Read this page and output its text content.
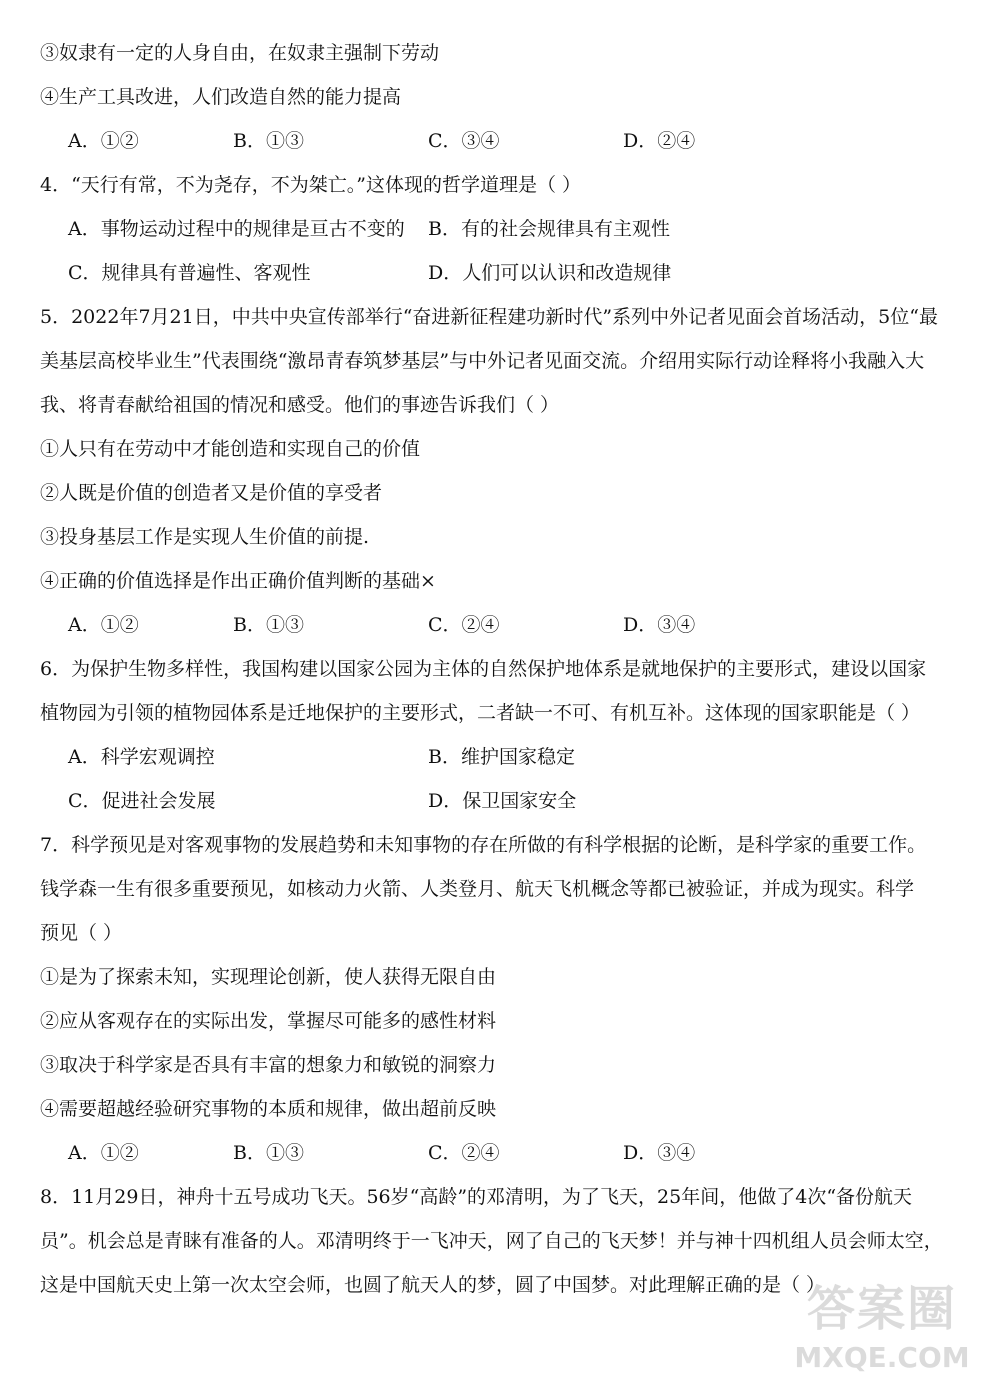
③奴隶有一定的人身自由，在奴隶主强制下劳动
④生产工具改进，人们改造自然的能力提高
A．①②	B．①③	C．③④	D．②④
4．“天行有常，不为尧存，不为桀亡。”这体现的哲学道理是（ ）
A．事物运动过程中的规律是亘古不变的 B．有的社会规律具有主观性
C．规律具有普遍性、客观性	D．人们可以认识和改造规律
5．2022年7月21日，中共中央宣传部举行“奋进新征程建功新时代”系列中外记者见面会首场活动，5位“最
美基层高校毕业生”代表围绕“激昂青春筑梦基层”与中外记者见面交流。介绍用实际行动诠释将小我融入大
我、将青春献给祖国的情况和感受。他们的事迹告诉我们（ ）
①人只有在劳动中才能创造和实现自己的价值
②人既是价值的创造者又是价值的享受者
③投身基层工作是实现人生价值的前提.
④正确的价值选择是作出正确价值判断的基础×
A．①②	B．①③	C．②④	D．③④
6．为保护生物多样性，我国构建以国家公园为主体的自然保护地体系是就地保护的主要形式，建设以国家
植物园为引领的植物园体系是迁地保护的主要形式，二者缺一不可、有机互补。这体现的国家职能是（ ）
A．科学宏观调控	B．维护国家稳定
C．促进社会发展	D．保卫国家安全
7．科学预见是对客观事物的发展趋势和未知事物的存在所做的有科学根据的论断，是科学家的重要工作。
钱学森一生有很多重要预见，如核动力火箭、人类登月、航天飞机概念等都已被验证，并成为现实。科学
预见（ ）
①是为了探索未知，实现理论创新，使人获得无限自由
②应从客观存在的实际出发，掌握尽可能多的感性材料
③取决于科学家是否具有丰富的想象力和敏锐的洞察力
④需要超越经验研究事物的本质和规律，做出超前反映
A．①②	B．①③	C．②④	D．③④
8．11月29日，神舟十五号成功飞天。56岁“高龄”的邓清明，为了飞天，25年间，他做了4次“备份航天
员”。机会总是青睐有准备的人。邓清明终于一飞冲天，网了自己的飞天梦！并与神十四机组人员会师太空，
这是中国航天史上第一次太空会师，也圆了航天人的梦，圆了中国梦。对此理解正确的是（ ）
答案圈
MXQE.COM
